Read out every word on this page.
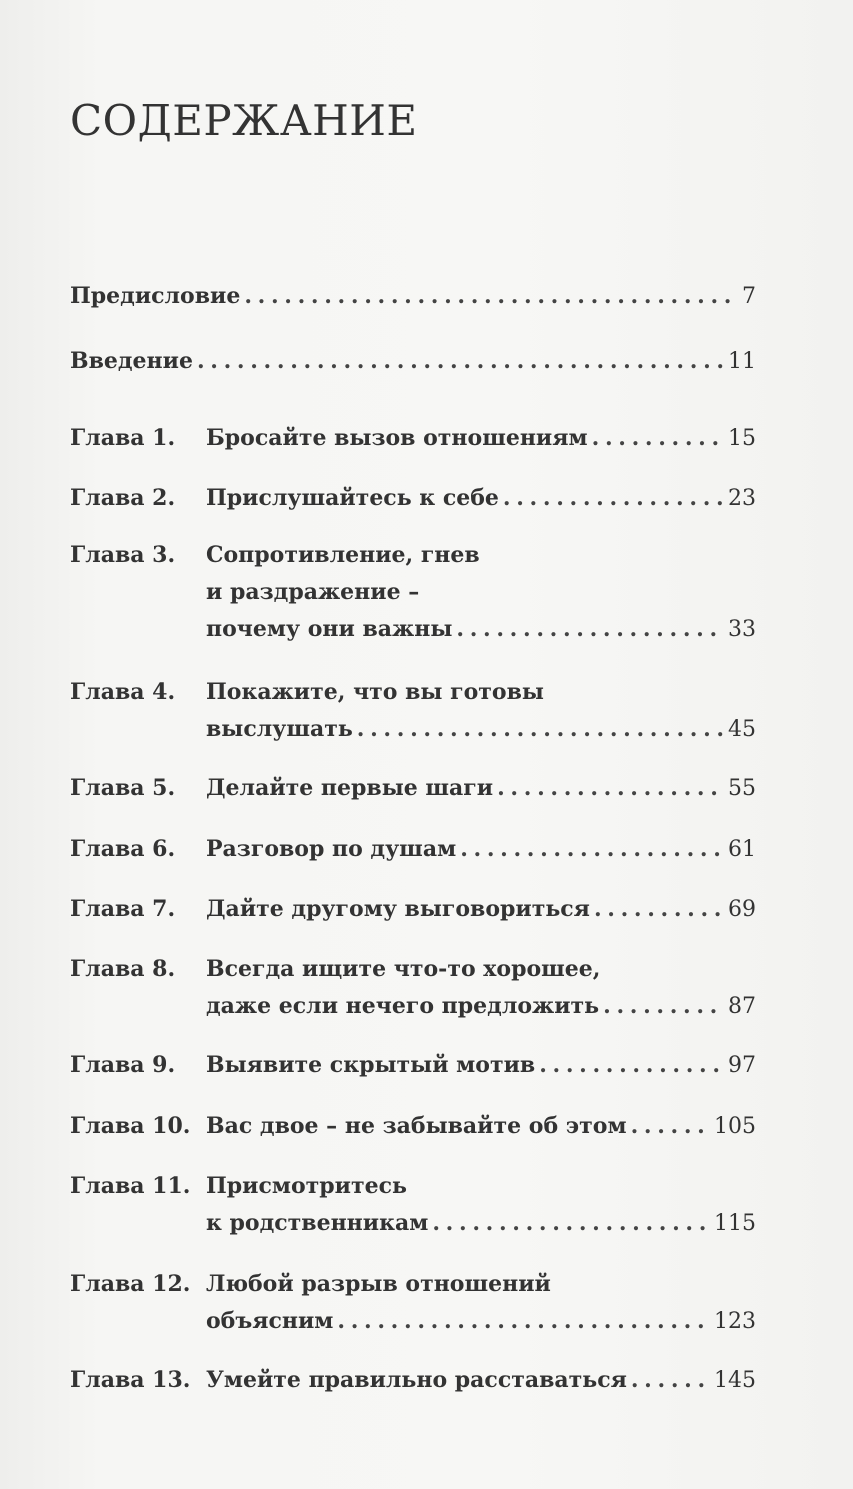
СОДЕРЖАНИЕ
Предисловие . . .	7
Введение . . .	11
Глава 1.	Бросайте вызов отношениям . . .	15
Глава 2.	Прислушайтесь к себе . . .	23
Глава 3.	Сопротивление, гнев
и раздражение –
почему они важны . . .	33
Глава 4.	Покажите, что вы готовы
выслушать . . .	45
Глава 5.	Делайте первые шаги . . .	55
Глава 6.	Разговор по душам . . .	61
Глава 7.	Дайте другому выговориться . . .	69
Глава 8.	Всегда ищите что-то хорошее,
даже если нечего предложить . . .	87
Глава 9.	Выявите скрытый мотив . . .	97
Глава 10. Вас двое – не забывайте об этом . . .	105
Глава 11. Присмотритесь
к родственникам . . .	115
Глава 12. Любой разрыв отношений
объясним . . .	123
Глава 13. Умейте правильно расставаться . . .	145
